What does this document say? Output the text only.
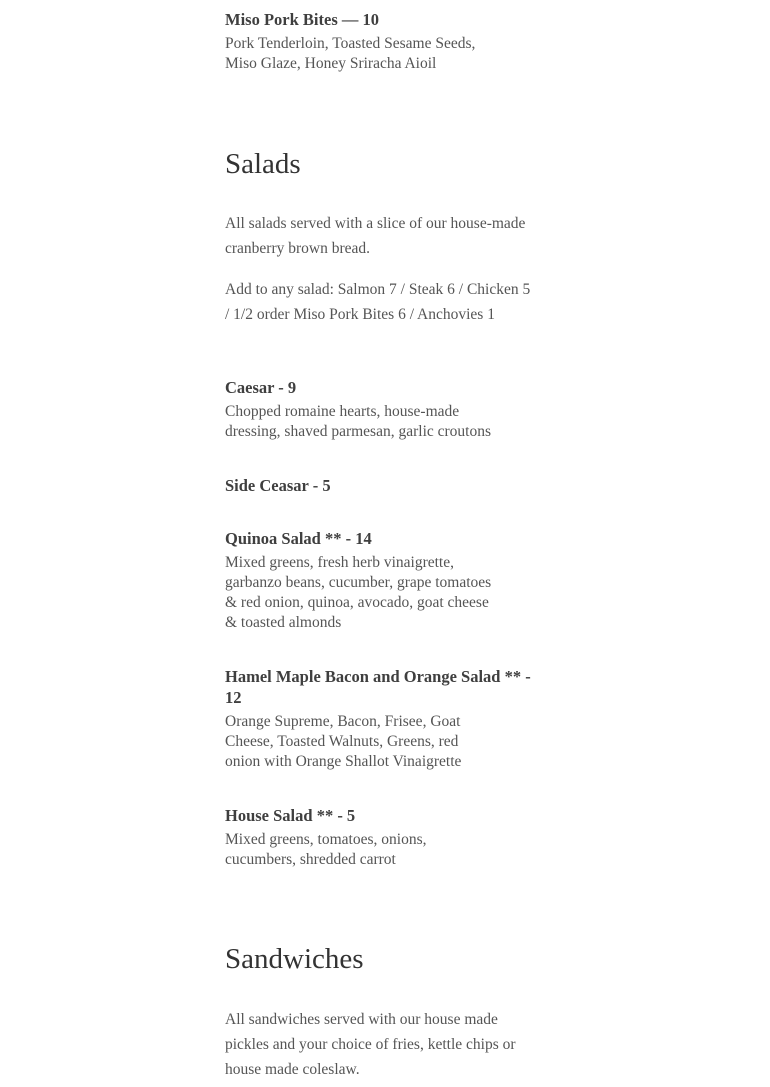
Miso Pork Bites — 10
Pork Tenderloin, Toasted Sesame Seeds,
Miso Glaze, Honey Sriracha Aioil
Salads
All salads served with a slice of our house-made
cranberry brown bread.
Add to any salad: Salmon 7 / Steak 6 / Chicken 5
/ 1/2 order Miso Pork Bites 6 / Anchovies 1
Caesar - 9
Chopped romaine hearts, house-made
dressing, shaved parmesan, garlic croutons
Side Ceasar - 5
Quinoa Salad ** - 14
Mixed greens, fresh herb vinaigrette,
garbanzo beans, cucumber, grape tomatoes
& red onion, quinoa, avocado, goat cheese
& toasted almonds
Hamel Maple Bacon and Orange Salad ** -
12
Orange Supreme, Bacon, Frisee, Goat
Cheese, Toasted Walnuts, Greens, red
onion with Orange Shallot Vinaigrette
House Salad ** - 5
Mixed greens, tomatoes, onions,
cucumbers, shredded carrot
Sandwiches
All sandwiches served with our house made
pickles and your choice of fries, kettle chips or
house made coleslaw.
